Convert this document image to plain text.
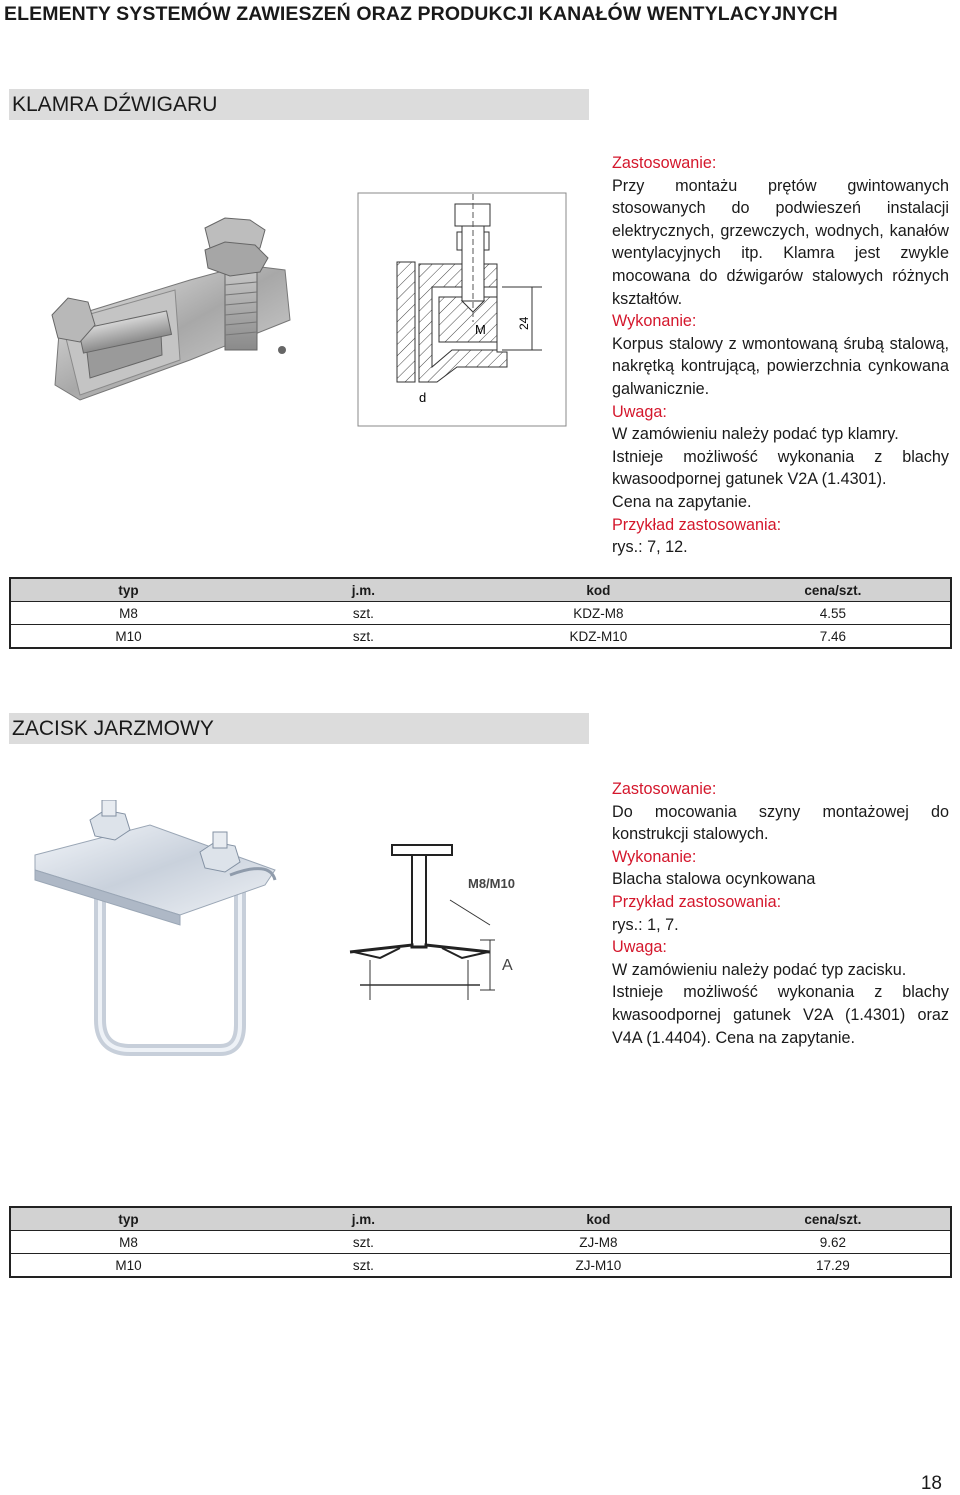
ELEMENTY SYSTEMÓW ZAWIESZEŃ ORAZ PRODUKCJI KANAŁÓW WENTYLACYJNYCH
KLAMRA DŹWIGARU
d
M	24

Zastosowanie:

Przy montażu prętów gwintowanych stosowanych do podwieszeń instalacji elektrycznych, grzewczych, wodnych, kanałów wentylacyjnych itp. Klamra jest zwykle mocowana do dźwigarów stalowych różnych kształtów.

Wykonanie:

Korpus stalowy z wmontowaną śrubą stalową, nakrętką kontrującą, powierzchnia cynkowana galwanicznie.

Uwaga:

W zamówieniu należy podać typ klamry.

Istnieje możliwość wykonania z blachy kwasoodpornej gatunek V2A (1.4301).

Cena na zapytanie.

Przykład zastosowania:

rys.: 7, 12.

typ	j.m.	kod	cena/szt.
M8	szt.	KDZ-M8	4.55
M10	szt.	KDZ-M10	7.46
ZACISK JARZMOWY
M8/M10
A

Zastosowanie:

Do mocowania szyny montażowej do konstrukcji stalowych.

Wykonanie:

Blacha stalowa ocynkowana

Przykład zastosowania:

rys.: 1, 7.

Uwaga:

W zamówieniu należy podać typ zacisku.

Istnieje możliwość wykonania z blachy kwasoodpornej gatunek V2A (1.4301) oraz V4A (1.4404). Cena na zapytanie.

typ	j.m.	kod	cena/szt.
M8	szt.	ZJ-M8	9.62
M10	szt.	ZJ-M10	17.29
18
